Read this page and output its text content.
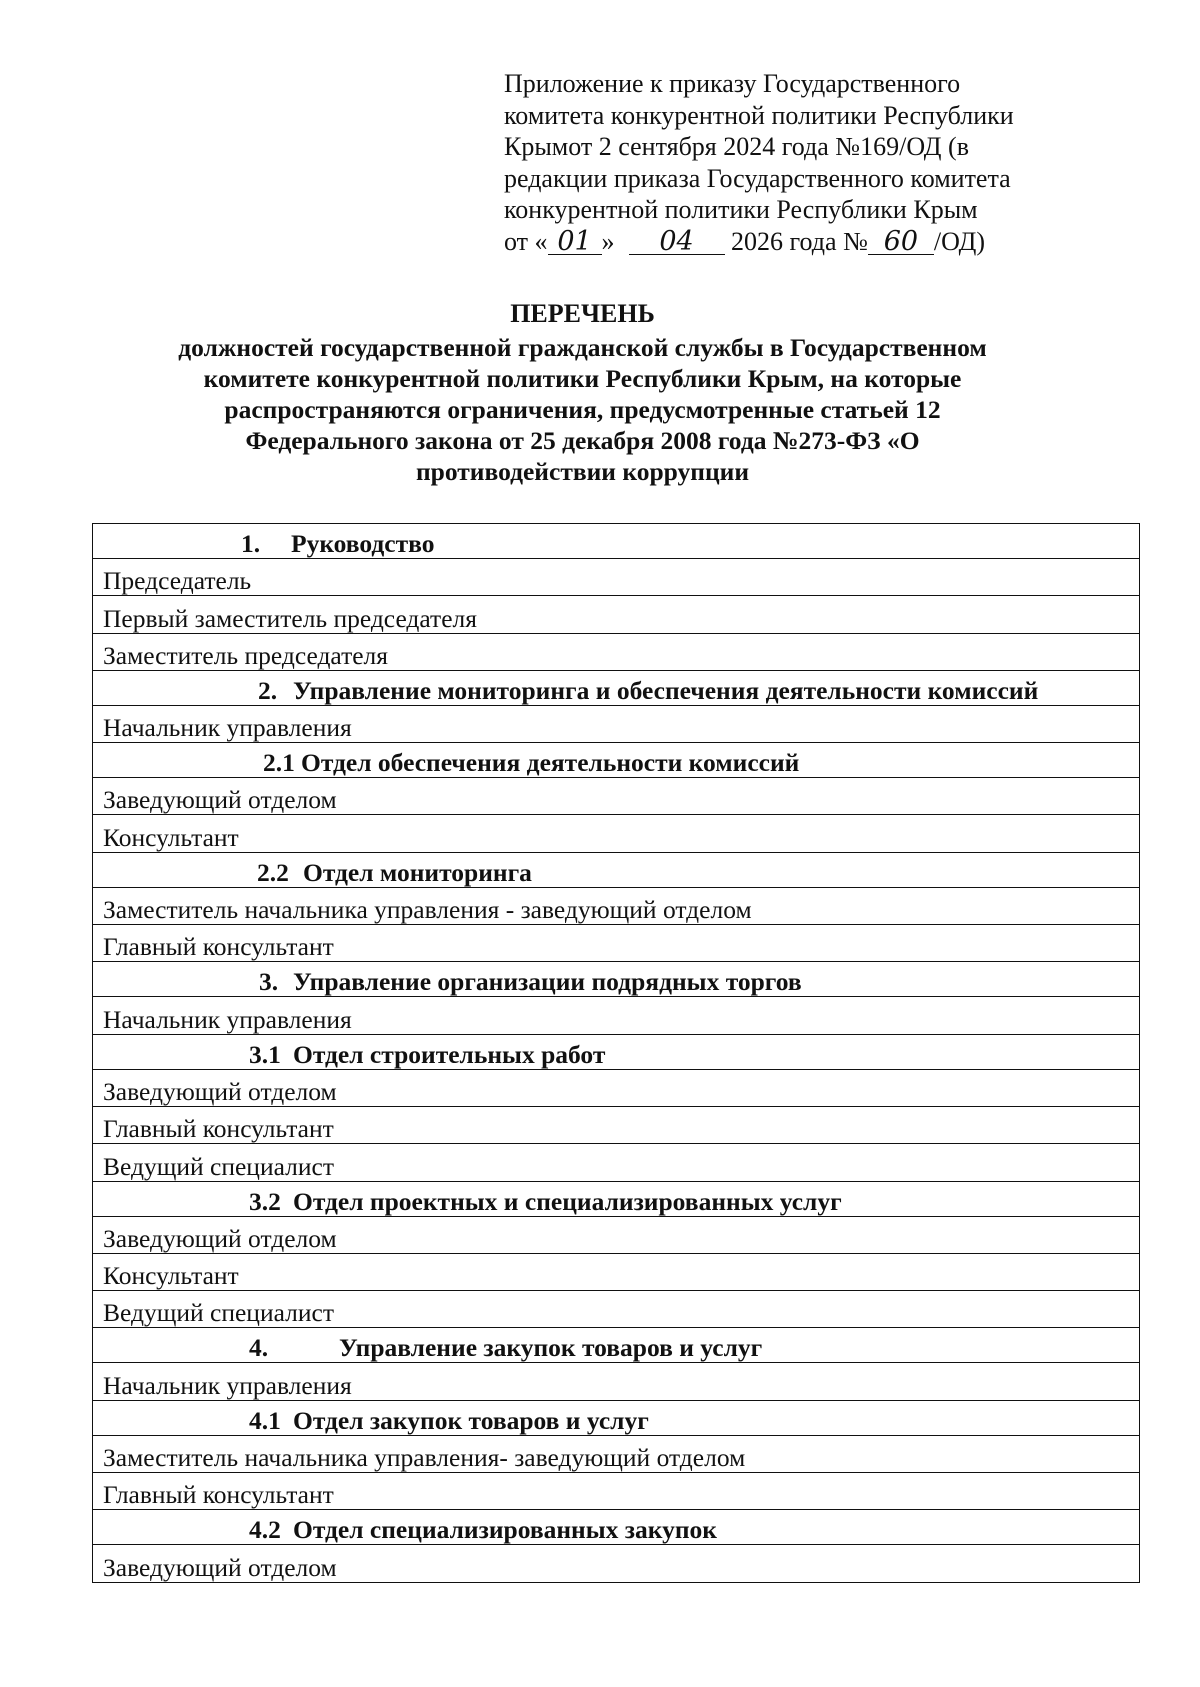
Приложение к приказу Государственного
комитета конкурентной политики Республики
Крымот 2 сентября 2024 года №169/ОД (в
редакции приказа Государственного комитета
конкурентной политики Республики Крым
от « 01 » 04 2026 года № 60 /ОД)
ПЕРЕЧЕНЬ
должностей государственной гражданской службы в Государственном
комитете конкурентной политики Республики Крым, на которые
распространяются ограничения, предусмотренные статьей 12
Федерального закона от 25 декабря 2008 года №273-ФЗ «О
противодействии коррупции
1. Руководство
Председатель
Первый заместитель председателя
Заместитель председателя
2. Управление мониторинга и обеспечения деятельности комиссий
Начальник управления
2.1 Отдел обеспечения деятельности комиссий
Заведующий отделом
Консультант
2.2 Отдел мониторинга
Заместитель начальника управления - заведующий отделом
Главный консультант
3. Управление организации подрядных торгов
Начальник управления
3.1 Отдел строительных работ
Заведующий отделом
Главный консультант
Ведущий специалист
3.2 Отдел проектных и специализированных услуг
Заведующий отделом
Консультант
Ведущий специалист
4.	Управление закупок товаров и услуг
Начальник управления
4.1 Отдел закупок товаров и услуг
Заместитель начальника управления- заведующий отделом
Главный консультант
4.2 Отдел специализированных закупок
Заведующий отделом
